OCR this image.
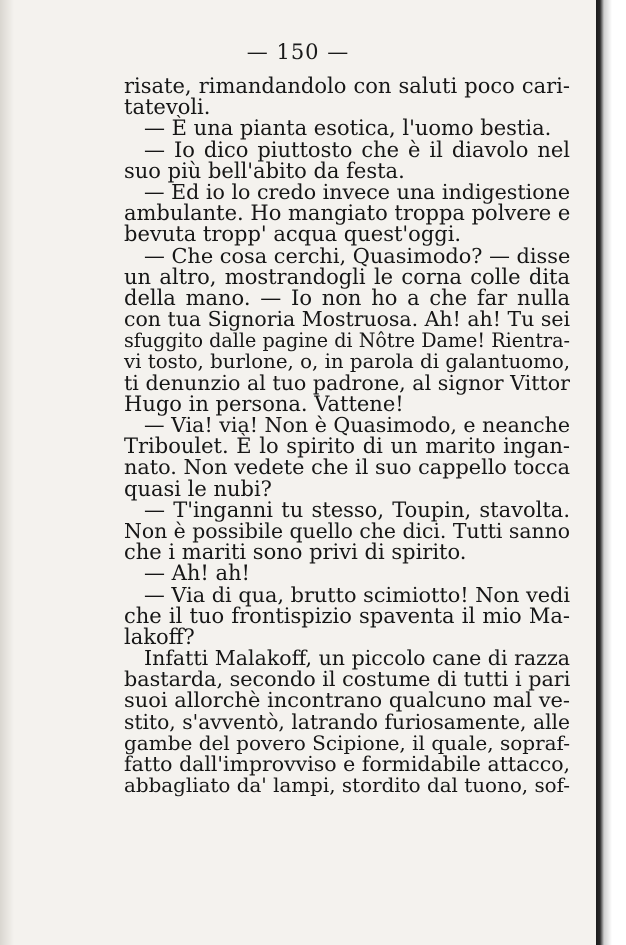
— 150 —
risate, rimandandolo con saluti poco cari-
tatevoli.
— È una pianta esotica, l'uomo bestia.
— Io dico piuttosto che è il diavolo nel
suo più bell'abito da festa.
— Ed io lo credo invece una indigestione
ambulante. Ho mangiato troppa polvere e
bevuta tropp' acqua quest'oggi.
— Che cosa cerchi, Quasimodo? — disse
un altro, mostrandogli le corna colle dita
della mano. — Io non ho a che far nulla
con tua Signoria Mostruosa. Ah! ah! Tu sei
sfuggito dalle pagine di Nôtre Dame! Rientra-
vi tosto, burlone, o, in parola di galantuomo,
ti denunzio al tuo padrone, al signor Vittor
Hugo in persona. Vattene!
— Via! via! Non è Quasimodo, e neanche
Triboulet. È lo spirito di un marito ingan-
nato. Non vedete che il suo cappello tocca
quasi le nubi?
— T'inganni tu stesso, Toupin, stavolta.
Non è possibile quello che dici. Tutti sanno
che i mariti sono privi di spirito.
— Ah! ah!
— Via di qua, brutto scimiotto! Non vedi
che il tuo frontispizio spaventa il mio Ma-
lakoff?
Infatti Malakoff, un piccolo cane di razza
bastarda, secondo il costume di tutti i pari
suoi allorchè incontrano qualcuno mal ve-
stito, s'avventò, latrando furiosamente, alle
gambe del povero Scipione, il quale, sopraf-
fatto dall'improvviso e formidabile attacco,
abbagliato da' lampi, stordito dal tuono, sof-
